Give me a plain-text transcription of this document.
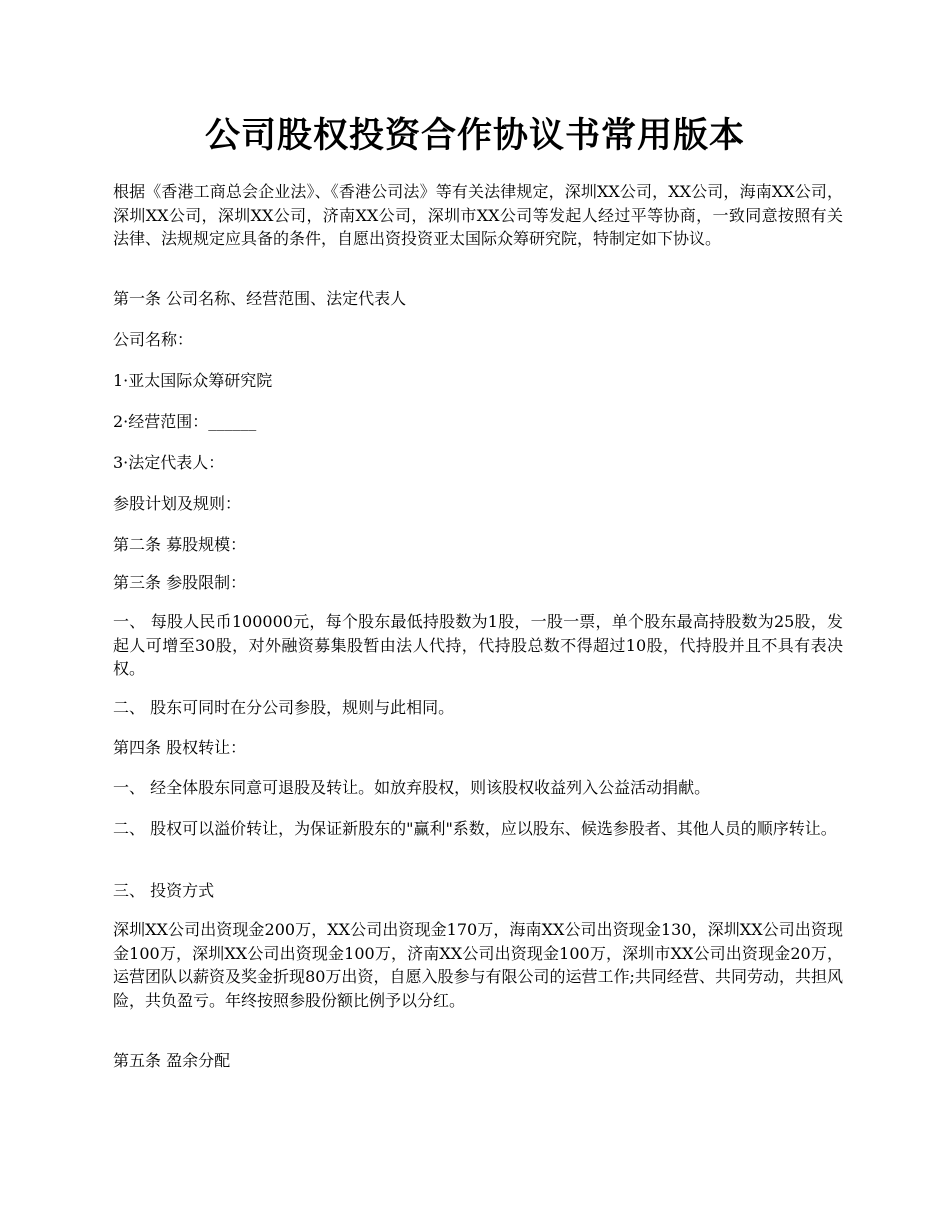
公司股权投资合作协议书常用版本

根据《香港工商总会企业法》、《香港公司法》等有关法律规定，深圳XX公司，XX公司，海南XX公司，深圳XX公司，深圳XX公司，济南XX公司，深圳市XX公司等发起人经过平等协商，一致同意按照有关法律、法规规定应具备的条件，自愿出资投资亚太国际众筹研究院，特制定如下协议。

第一条 公司名称、经营范围、法定代表人

公司名称：

1·亚太国际众筹研究院

2·经营范围：______

3·法定代表人：

参股计划及规则：

第二条 募股规模：

第三条 参股限制：

一、 每股人民币100000元，每个股东最低持股数为1股，一股一票，单个股东最高持股数为25股，发起人可增至30股，对外融资募集股暂由法人代持，代持股总数不得超过10股，代持股并且不具有表决权。

二、 股东可同时在分公司参股，规则与此相同。

第四条 股权转让：

一、 经全体股东同意可退股及转让。如放弃股权，则该股权收益列入公益活动捐献。

二、 股权可以溢价转让，为保证新股东的"赢利"系数，应以股东、候选参股者、其他人员的顺序转让。

三、 投资方式

深圳XX公司出资现金200万，XX公司出资现金170万，海南XX公司出资现金130，深圳XX公司出资现金100万，深圳XX公司出资现金100万，济南XX公司出资现金100万，深圳市XX公司出资现金20万，运营团队以薪资及奖金折现80万出资，自愿入股参与有限公司的运营工作;共同经营、共同劳动，共担风险，共负盈亏。年终按照参股份额比例予以分红。

第五条 盈余分配
